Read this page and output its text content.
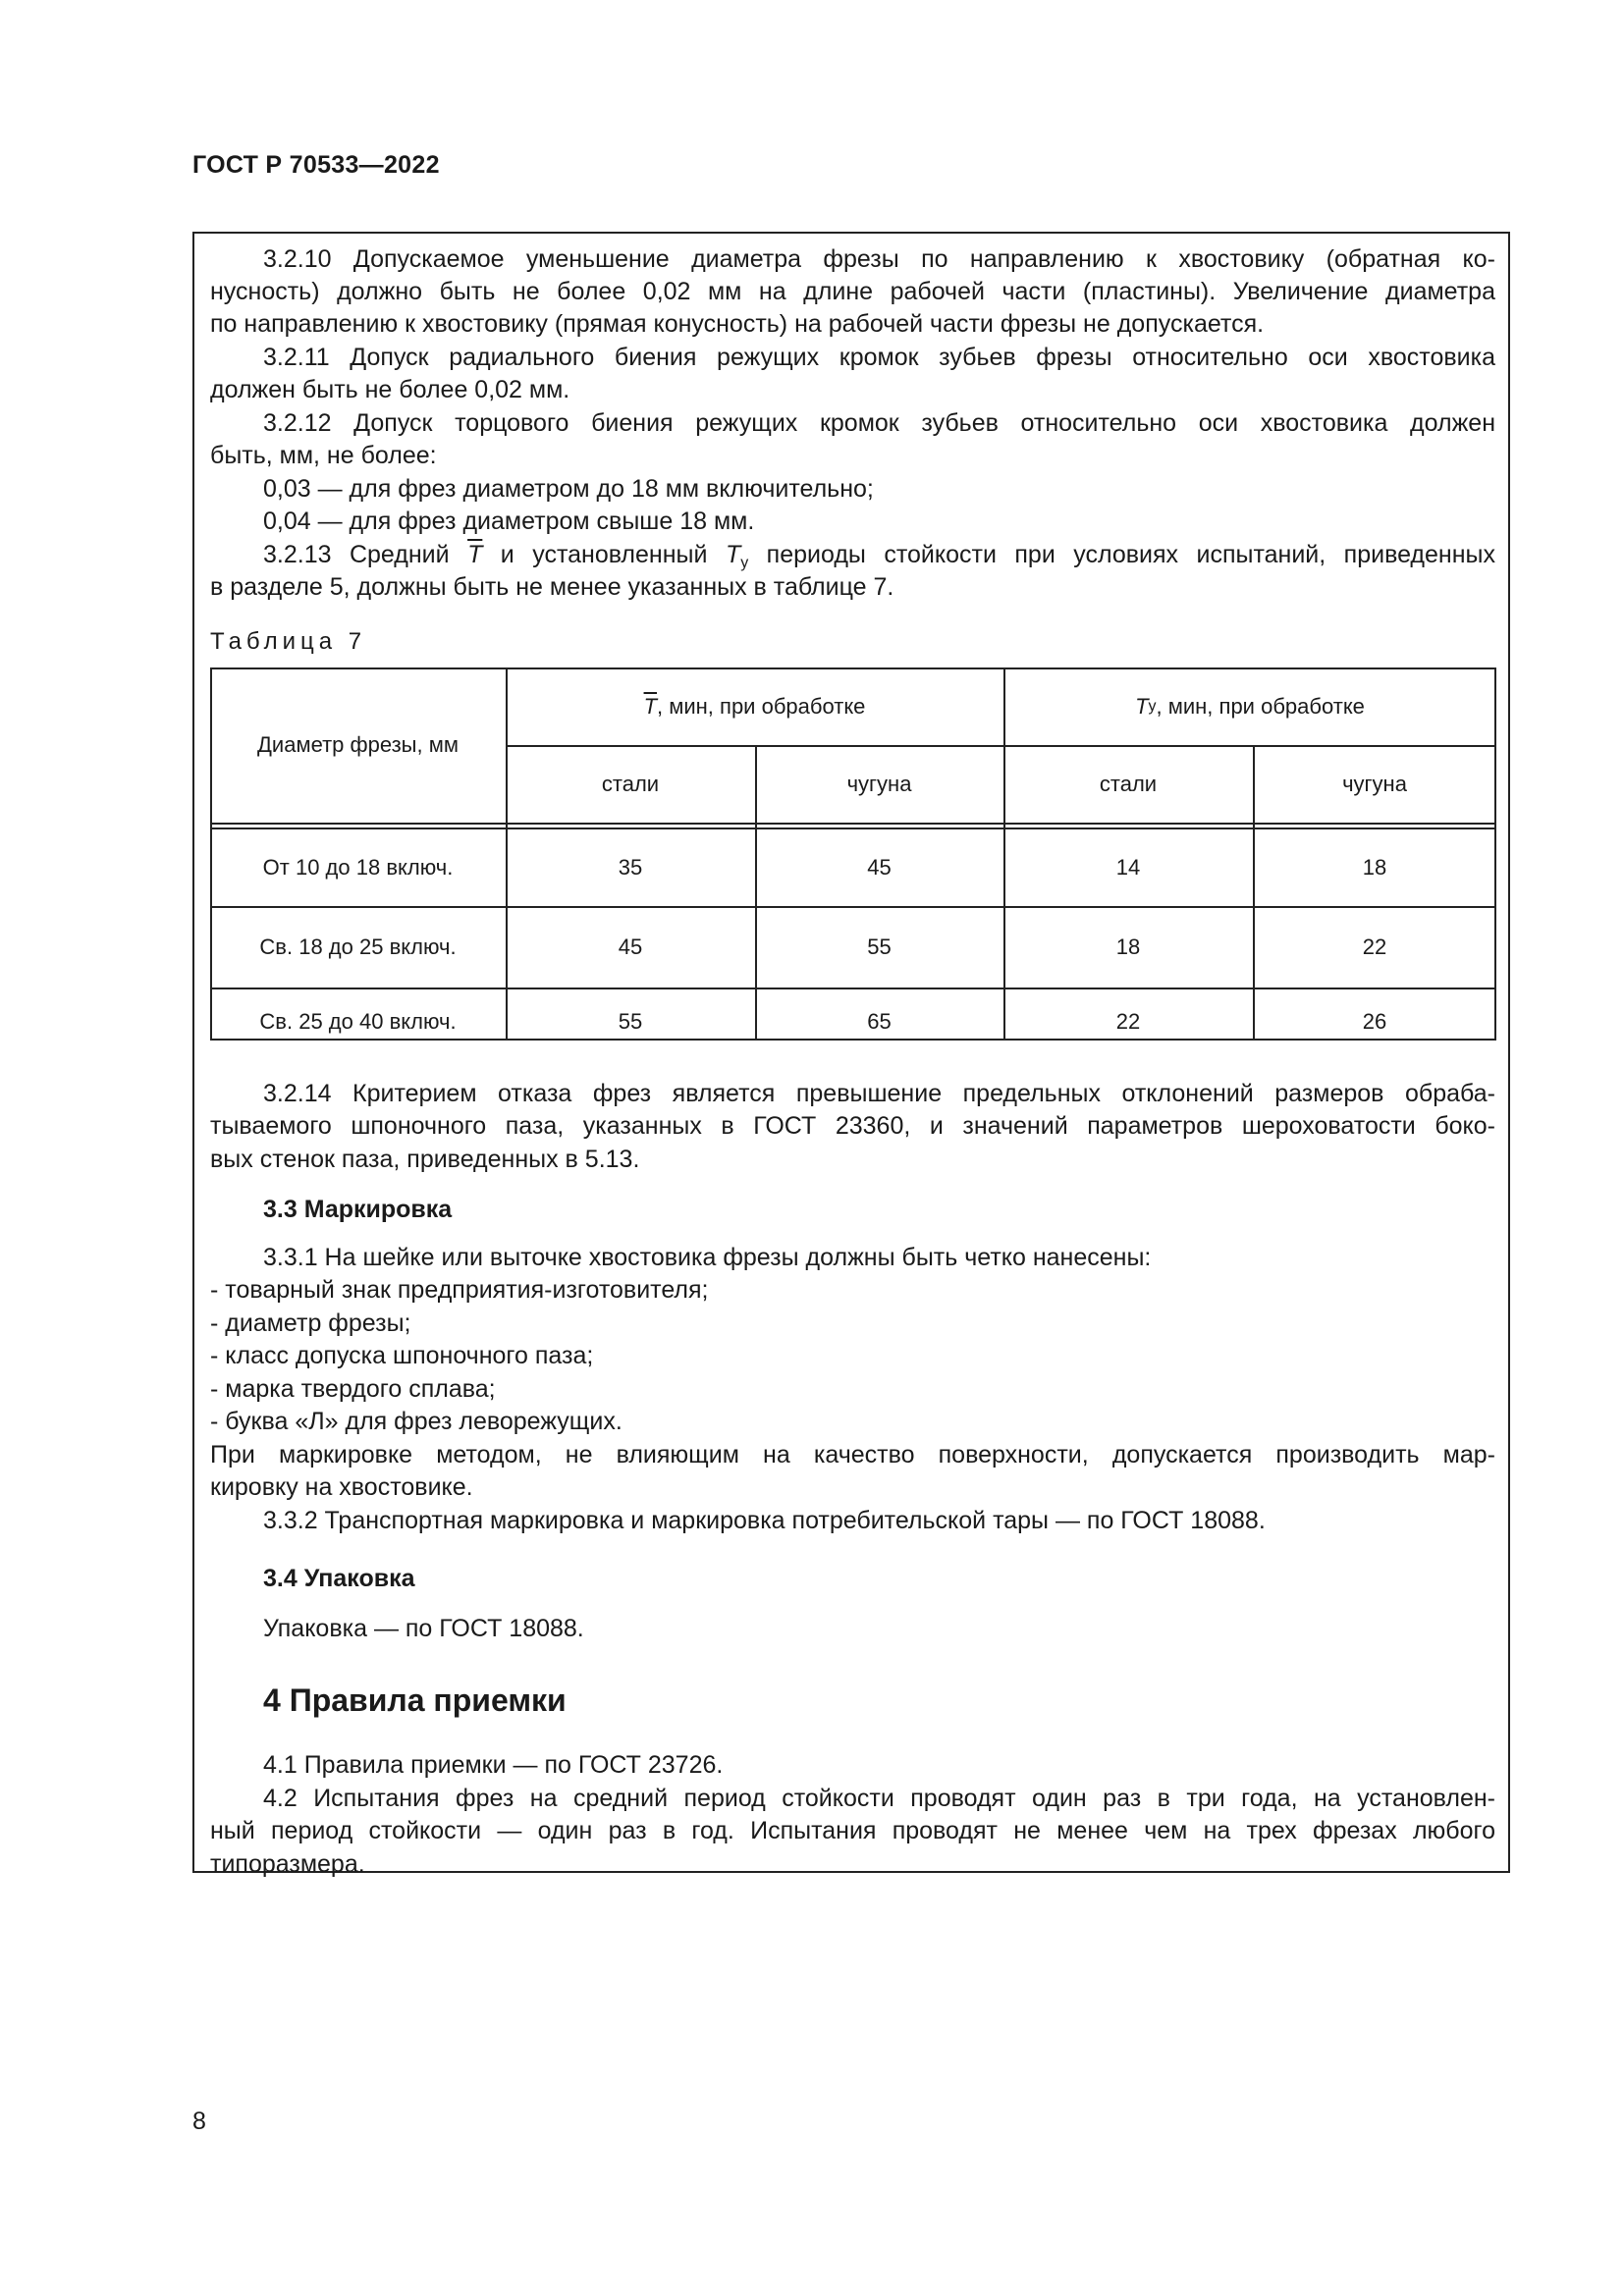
ГОСТ Р 70533—2022
3.2.10 Допускаемое уменьшение диаметра фрезы по направлению к хвостовику (обратная ко-
нусность) должно быть не более 0,02 мм на длине рабочей части (пластины). Увеличение диаметра
по направлению к хвостовику (прямая конусность) на рабочей части фрезы не допускается.
3.2.11 Допуск радиального биения режущих кромок зубьев фрезы относительно оси хвостовика
должен быть не более 0,02 мм.
3.2.12 Допуск торцового биения режущих кромок зубьев относительно оси хвостовика должен
быть, мм, не более:
0,03 — для фрез диаметром до 18 мм включительно;
0,04 — для фрез диаметром свыше 18 мм.
3.2.13 Средний $\overline{T}$ и установленный $T_у$ периоды стойкости при условиях испытаний, приведенных
в разделе 5, должны быть не менее указанных в таблице 7.
Таблица 7
Диаметр фрезы, мм
$\overline{T}$ , мин, при обработке	T у , мин, при обработке
стали	чугуна	стали	чугуна
От 10 до 18 включ.	35	45	14	18
Св. 18 до 25 включ.	45	55	18	22
Св. 25 до 40 включ.	55	65	22	26
3.2.14 Критерием отказа фрез является превышение предельных отклонений размеров обраба-
тываемого шпоночного паза, указанных в ГОСТ 23360, и значений параметров шероховатости боко-
вых стенок паза, приведенных в 5.13.
3.3 Маркировка
3.3.1 На шейке или выточке хвостовика фрезы должны быть четко нанесены:
- товарный знак предприятия-изготовителя;
- диаметр фрезы;
- класс допуска шпоночного паза;
- марка твердого сплава;
- буква «Л» для фрез леворежущих.
При маркировке методом, не влияющим на качество поверхности, допускается производить мар-
кировку на хвостовике.
3.3.2 Транспортная маркировка и маркировка потребительской тары — по ГОСТ 18088.
3.4 Упаковка
Упаковка — по ГОСТ 18088.
4 Правила приемки
4.1 Правила приемки — по ГОСТ 23726.
4.2 Испытания фрез на средний период стойкости проводят один раз в три года, на установлен-
ный период стойкости — один раз в год. Испытания проводят не менее чем на трех фрезах любого
типоразмера.
8
